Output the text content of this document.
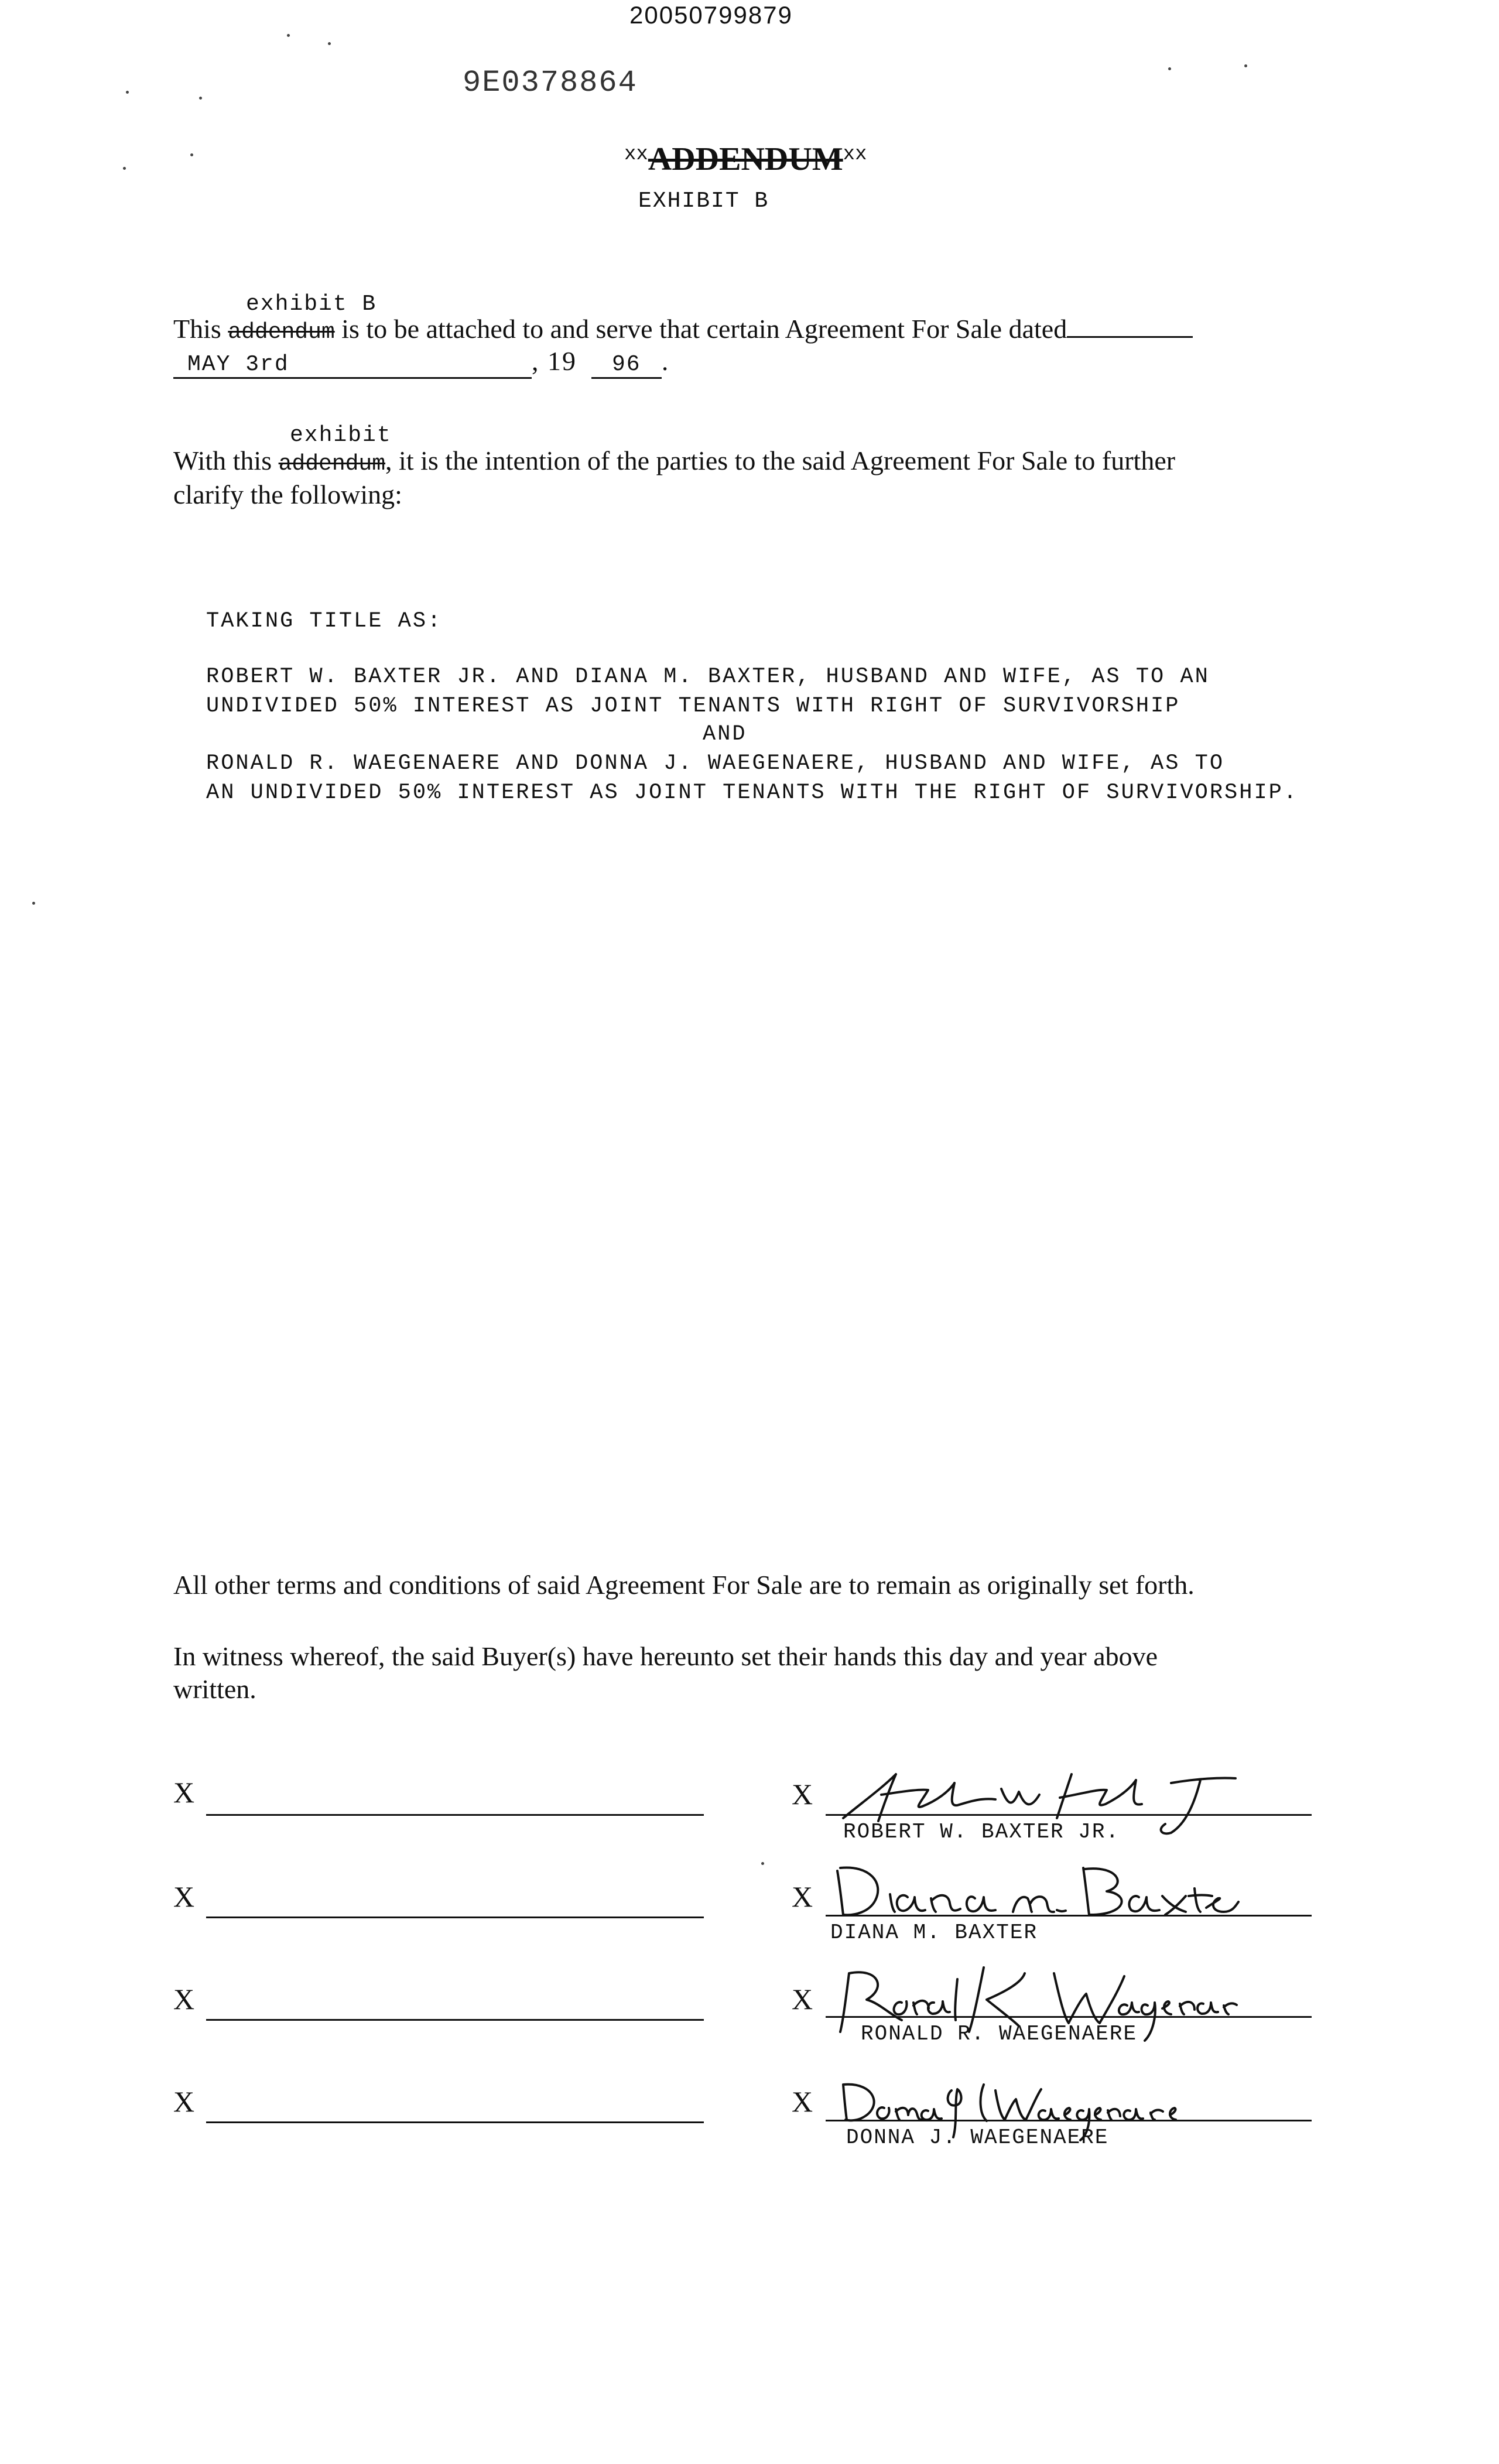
20050799879
9E0378864
$^{xx}$ADDENDUM$^{xx}$
EXHIBIT B
exhibit B
This addendum is to be attached to and serve that certain Agreement For Sale dated
MAY 3rd	, 19 96 .
exhibit
With this addendum, it is the intention of the parties to the said Agreement For Sale to further
clarify the following:
TAKING TITLE AS:
ROBERT W. BAXTER JR. AND DIANA M. BAXTER, HUSBAND AND WIFE, AS TO AN
UNDIVIDED 50% INTEREST AS JOINT TENANTS WITH RIGHT OF SURVIVORSHIP
AND
RONALD R. WAEGENAERE AND DONNA J. WAEGENAERE, HUSBAND AND WIFE, AS TO
AN UNDIVIDED 50% INTEREST AS JOINT TENANTS WITH THE RIGHT OF SURVIVORSHIP.
All other terms and conditions of said Agreement For Sale are to remain as originally set forth.
In witness whereof, the said Buyer(s) have hereunto set their hands this day and year above
written.
X
X
X
X
X
ROBERT W. BAXTER JR.
X
DIANA M. BAXTER
X
RONALD R. WAEGENAERE
X
DONNA J. WAEGENAERE
